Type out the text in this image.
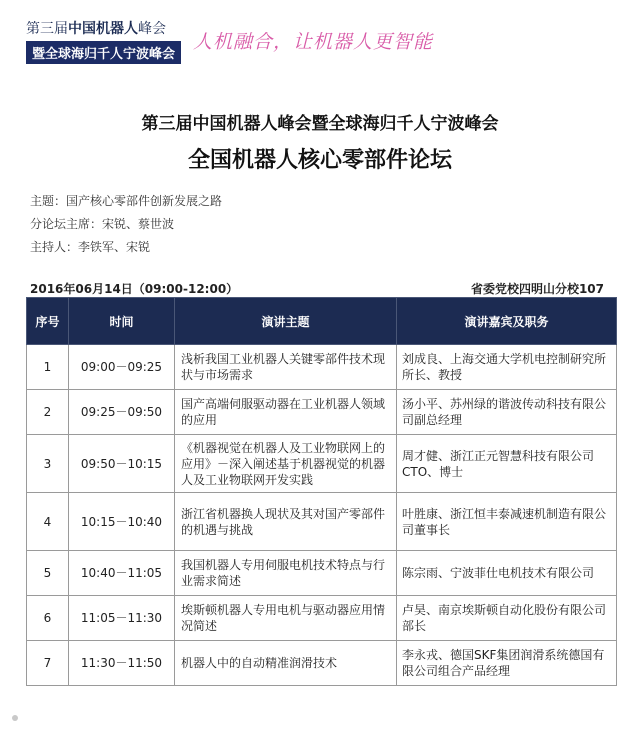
第三届中国机器人峰会
暨全球海归千人宁波峰会
人机融合，让机器人更智能
第三届中国机器人峰会暨全球海归千人宁波峰会
全国机器人核心零部件论坛
主题：国产核心零部件创新发展之路
分论坛主席：宋锐、蔡世波
主持人：李铁军、宋锐
2016年06月14日（09:00-12:00）	省委党校四明山分校107
序号	时间	演讲主题	演讲嘉宾及职务
1	09:00－09:25	浅析我国工业机器人关键零部件技术现状与市场需求	刘成良、上海交通大学机电控制研究所所长、教授
2	09:25－09:50	国产高端伺服驱动器在工业机器人领域的应用	汤小平、苏州绿的谐波传动科技有限公司副总经理
3	09:50－10:15	《机器视觉在机器人及工业物联网上的应用》－深入阐述基于机器视觉的机器人及工业物联网开发实践	周才健、浙江正元智慧科技有限公司CTO、博士
4	10:15－10:40	浙江省机器换人现状及其对国产零部件的机遇与挑战	叶胜康、浙江恒丰泰减速机制造有限公司董事长
5	10:40－11:05	我国机器人专用伺服电机技术特点与行业需求简述	陈宗雨、宁波菲仕电机技术有限公司
6	11:05－11:30	埃斯顿机器人专用电机与驱动器应用情况简述	卢昊、南京埃斯顿自动化股份有限公司部长
7	11:30－11:50	机器人中的自动精准润滑技术	李永戎、德国SKF集团润滑系统德国有限公司组合产品经理
